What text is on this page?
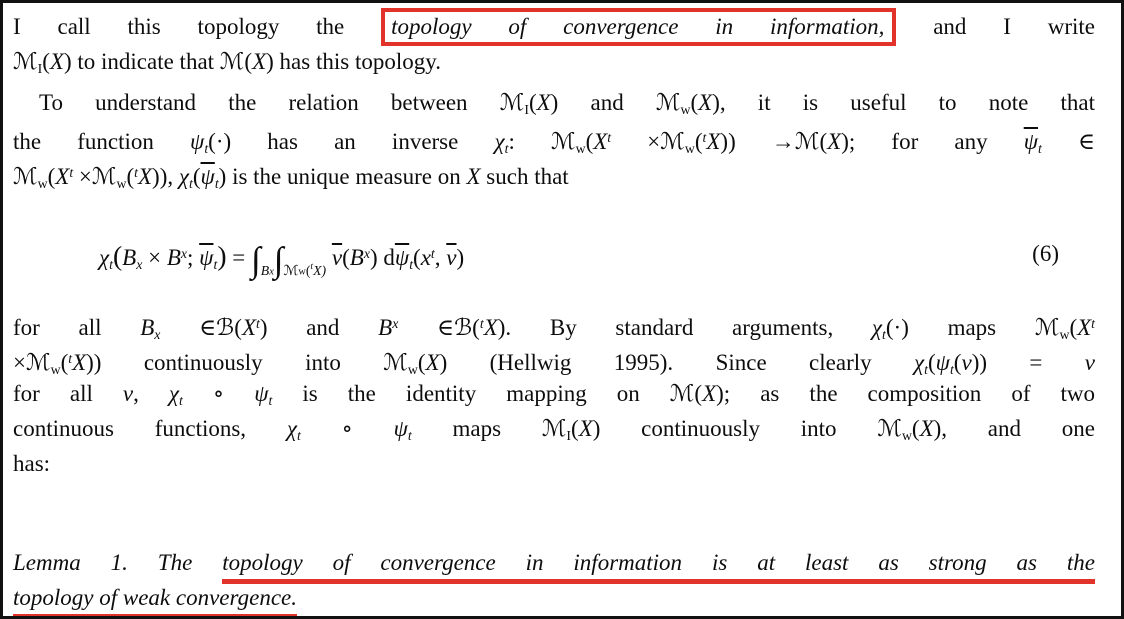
I call this topology the topology of convergence in information, and I write
ℳ$_I$(X) to indicate that ℳ(X) has this topology.
To understand the relation between ℳ$_I$(X) and ℳ$_w$(X), it is useful to note that
the function $\psi_t(\cdot)$ has an inverse $\chi_t$: $ℳ_w(X^t$ ×ℳ$_w$($^t$X)) →ℳ(X); for any $\overline{\psi}_t$ ∈
$ℳ_w(X^t$ ×ℳ$_w$($^t$X)), $\chi_t(\overline{\psi}_t)$ is the unique measure on X such that
$\chi_t(B_x \times B^x$; $\overline{\psi}_t) = \int_{Bx}\int_{ℳw(}t_{X)}$ $\overline{\nu}(B^x)$ $d\overline{\psi}_t(x^t$, $\overline{\nu}$)	(6)
for all $B_x$ $\in ℬ(X^t)$ and $B^x$ ∈ℬ($^t$X). By standard arguments, $\chi_t(\cdot)$ maps $ℳ_w(X^t$
×ℳ$_w$($^t$X)) continuously into ℳ$_w$(X) (Hellwig 1995). Since clearly $\chi_t(\psi_t(\nu)) = \nu$
for all ν, $\chi_t$ ∘ $\psi_t$ is the identity mapping on ℳ(X); as the composition of two
continuous functions, $\chi_t$ ∘ $\psi_t$ maps ℳ$_I$(X) continuously into ℳ$_w$(X), and one
has:
Lemma 1. The topology of convergence in information is at least as strong as the
topology of weak convergence.
